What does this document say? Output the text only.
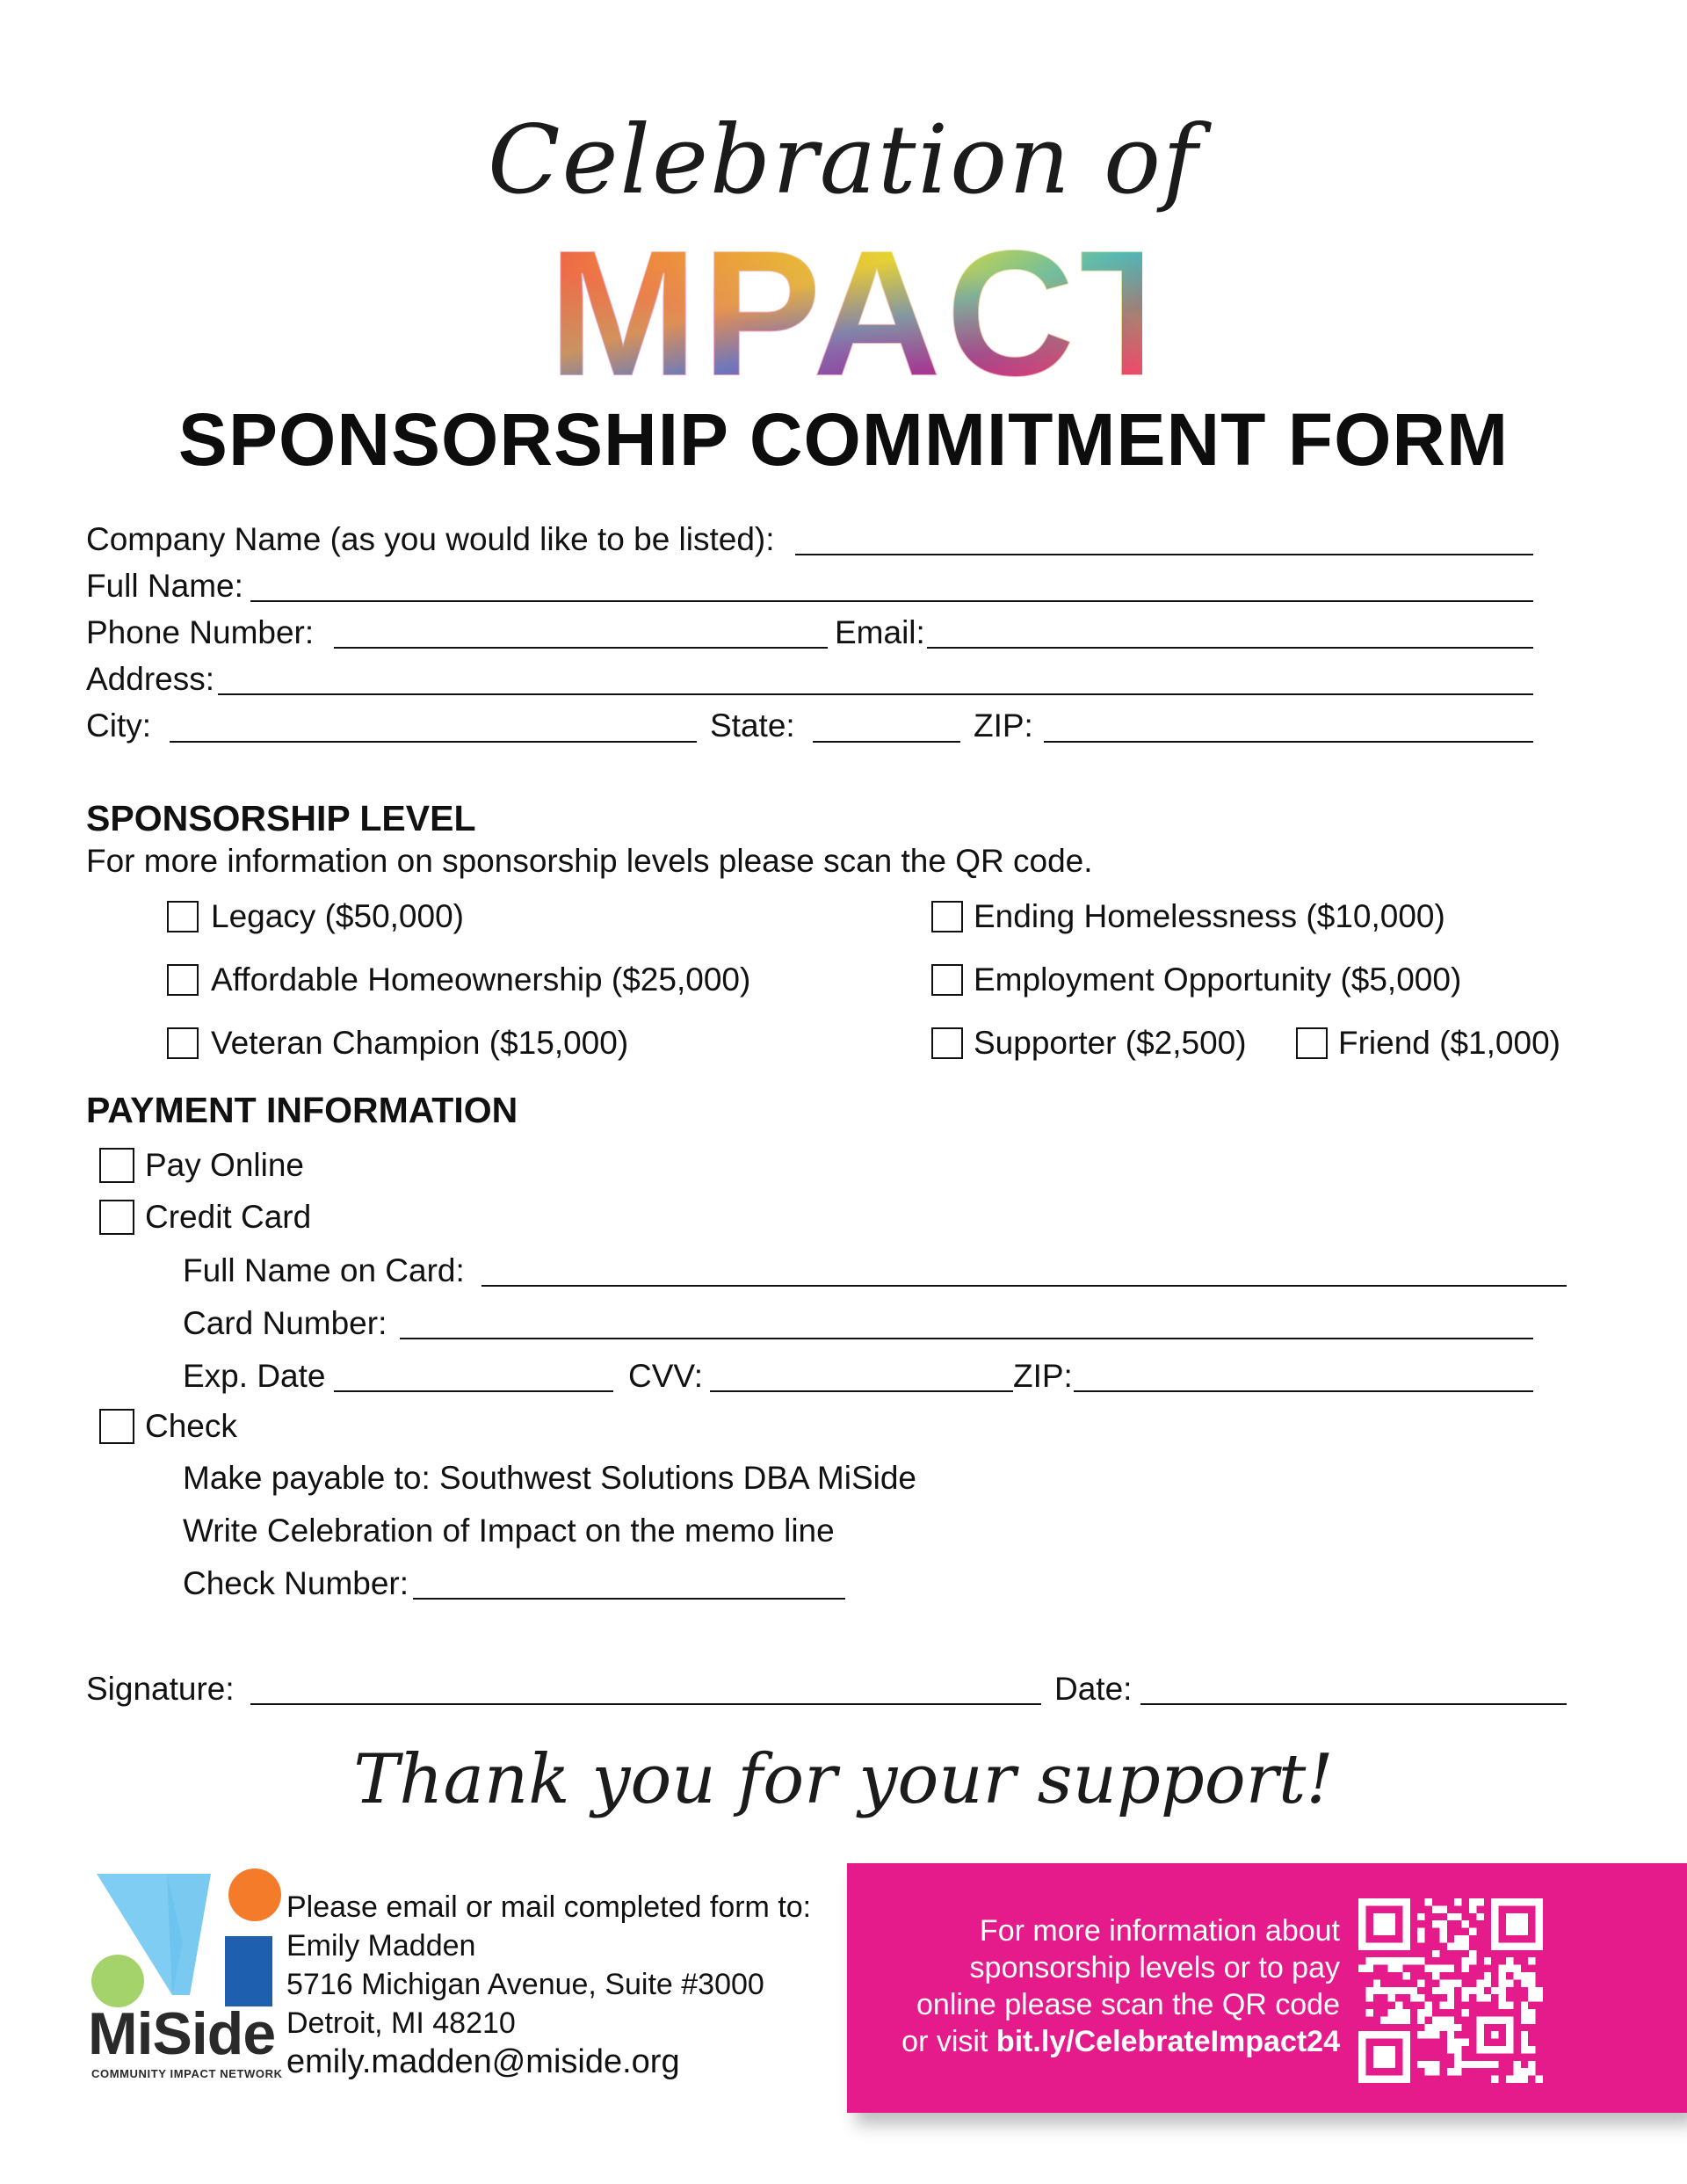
Celebration of
MPACT
MPACT
SPONSORSHIP COMMITMENT FORM
Company Name (as you would like to be listed):
Full Name:
Phone Number:	Email:
Address:
City:	State:	ZIP:
SPONSORSHIP LEVEL
For more information on sponsorship levels please scan the QR code.
Legacy ($50,000)
Affordable Homeownership ($25,000)
Veteran Champion ($15,000)
Ending Homelessness ($10,000)
Employment Opportunity ($5,000)
Supporter ($2,500)	Friend ($1,000)
PAYMENT INFORMATION
Pay Online
Credit Card
Full Name on Card:
Card Number:
Exp. Date	CVV:	ZIP:
Check
Make payable to: Southwest Solutions DBA MiSide
Write Celebration of Impact on the memo line
Check Number:
Signature:	Date:
Thank you for your support!
MiSide
COMMUNITY IMPACT NETWORK
Please email or mail completed form to:
Emily Madden
5716 Michigan Avenue, Suite #3000
Detroit, MI 48210
emily.madden@miside.org
For more information about
sponsorship levels or to pay
online please scan the QR code
or visit bit.ly/CelebrateImpact24
